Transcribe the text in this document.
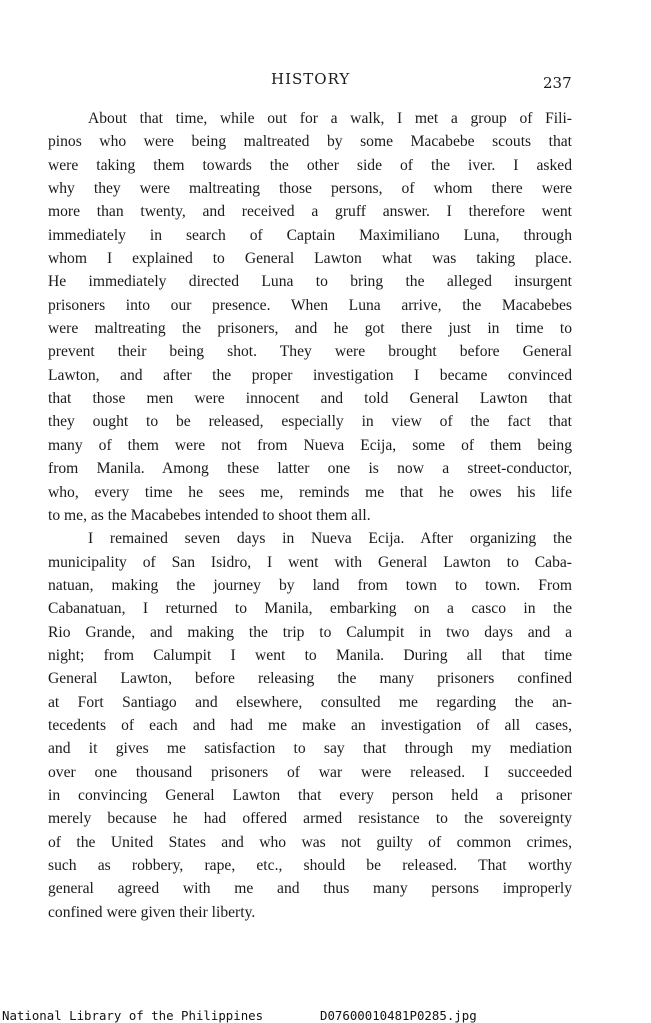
HISTORY	237
About that time, while out for a walk, I met a group of Fili-
pinos who were being maltreated by some Macabebe scouts that
were taking them towards the other side of the iver. I asked
why they were maltreating those persons, of whom there were
more than twenty, and received a gruff answer. I therefore went
immediately in search of Captain Maximiliano Luna, through
whom I explained to General Lawton what was taking place.
He immediately directed Luna to bring the alleged insurgent
prisoners into our presence. When Luna arrive, the Macabebes
were maltreating the prisoners, and he got there just in time to
prevent their being shot. They were brought before General
Lawton, and after the proper investigation I became convinced
that those men were innocent and told General Lawton that
they ought to be released, especially in view of the fact that
many of them were not from Nueva Ecija, some of them being
from Manila. Among these latter one is now a street-conductor,
who, every time he sees me, reminds me that he owes his life
to me, as the Macabebes intended to shoot them all.
I remained seven days in Nueva Ecija. After organizing the
municipality of San Isidro, I went with General Lawton to Caba-
natuan, making the journey by land from town to town. From
Cabanatuan, I returned to Manila, embarking on a casco in the
Rio Grande, and making the trip to Calumpit in two days and a
night; from Calumpit I went to Manila. During all that time
General Lawton, before releasing the many prisoners confined
at Fort Santiago and elsewhere, consulted me regarding the an-
tecedents of each and had me make an investigation of all cases,
and it gives me satisfaction to say that through my mediation
over one thousand prisoners of war were released. I succeeded
in convincing General Lawton that every person held a prisoner
merely because he had offered armed resistance to the sovereignty
of the United States and who was not guilty of common crimes,
such as robbery, rape, etc., should be released. That worthy
general agreed with me and thus many persons improperly
confined were given their liberty.
National Library of the Philippines	D07600010481P0285.jpg
